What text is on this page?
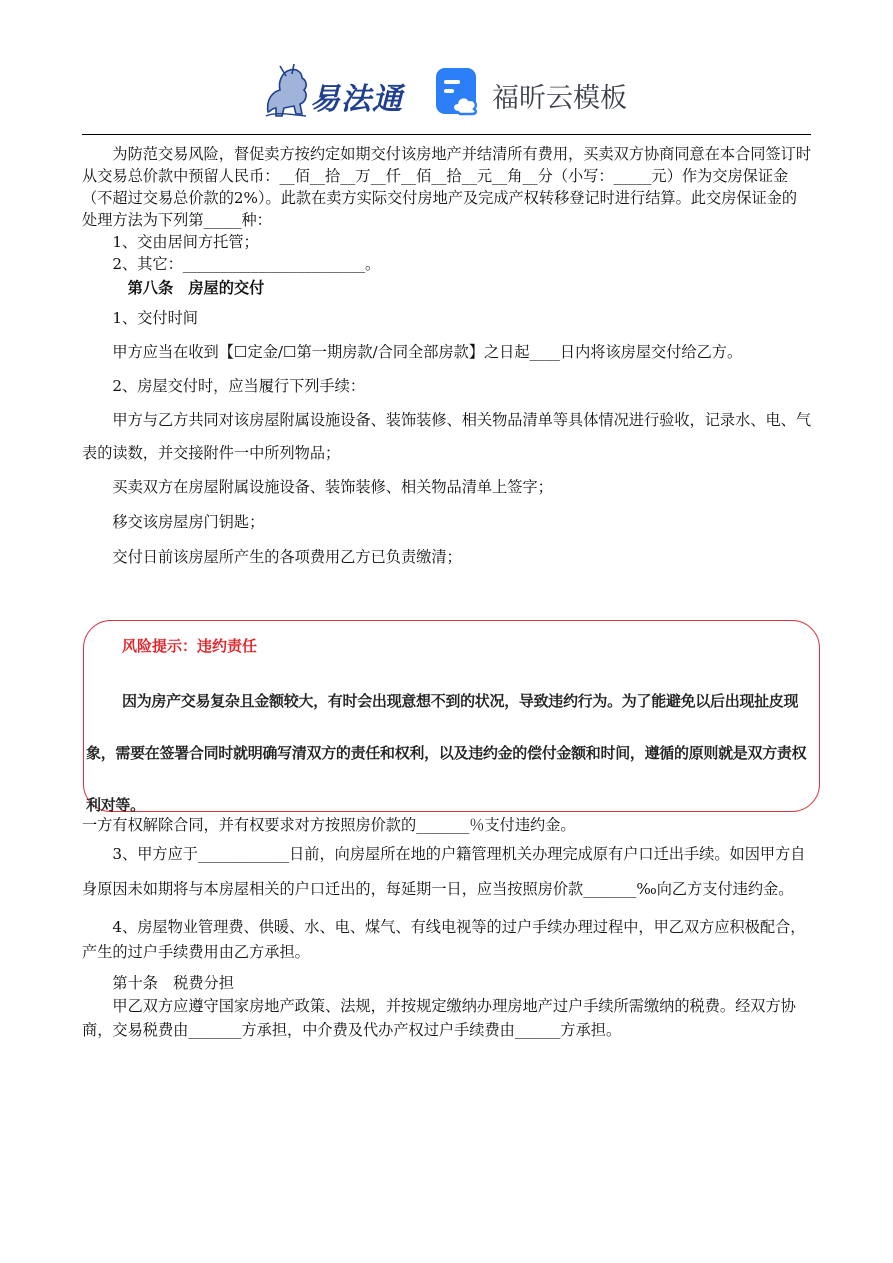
易法通	福昕云模板

为防范交易风险，督促卖方按约定如期交付该房地产并结清所有费用，买卖双方协商同意在本合同签订时从交易总价款中预留人民币：__佰__拾__万__仟__佰__拾__元__角__分（小写：_____元）作为交房保证金（不超过交易总价款的2%）。此款在卖方实际交付房地产及完成产权转移登记时进行结算。此交房保证金的处理方法为下列第_____种：

1、交由居间方托管；

2、其它：________________________。

第八条　房屋的交付

1、交付时间

甲方应当在收到【☐定金/☐第一期房款/合同全部房款】之日起____日内将该房屋交付给乙方。

2、房屋交付时，应当履行下列手续：

甲方与乙方共同对该房屋附属设施设备、装饰装修、相关物品清单等具体情况进行验收，记录水、电、气表的读数，并交接附件一中所列物品；

买卖双方在房屋附属设施设备、装饰装修、相关物品清单上签字；

移交该房屋房门钥匙；

交付日前该房屋所产生的各项费用乙方已负责缴清；

风险提示：违约责任
因为房产交易复杂且金额较大，有时会出现意想不到的状况，导致违约行为。为了能避免以后出现扯皮现象，需要在签署合同时就明确写清双方的责任和权利，以及违约金的偿付金额和时间，遵循的原则就是双方责权利对等。

一方有权解除合同，并有权要求对方按照房价款的_______％支付违约金。

3、甲方应于____________日前，向房屋所在地的户籍管理机关办理完成原有户口迁出手续。如因甲方自身原因未如期将与本房屋相关的户口迁出的，每延期一日，应当按照房价款_______‰向乙方支付违约金。

4、房屋物业管理费、供暖、水、电、煤气、有线电视等的过户手续办理过程中，甲乙双方应积极配合，产生的过户手续费用由乙方承担。

第十条　税费分担

甲乙双方应遵守国家房地产政策、法规，并按规定缴纳办理房地产过户手续所需缴纳的税费。经双方协商，交易税费由_______方承担，中介费及代办产权过户手续费由______方承担。
